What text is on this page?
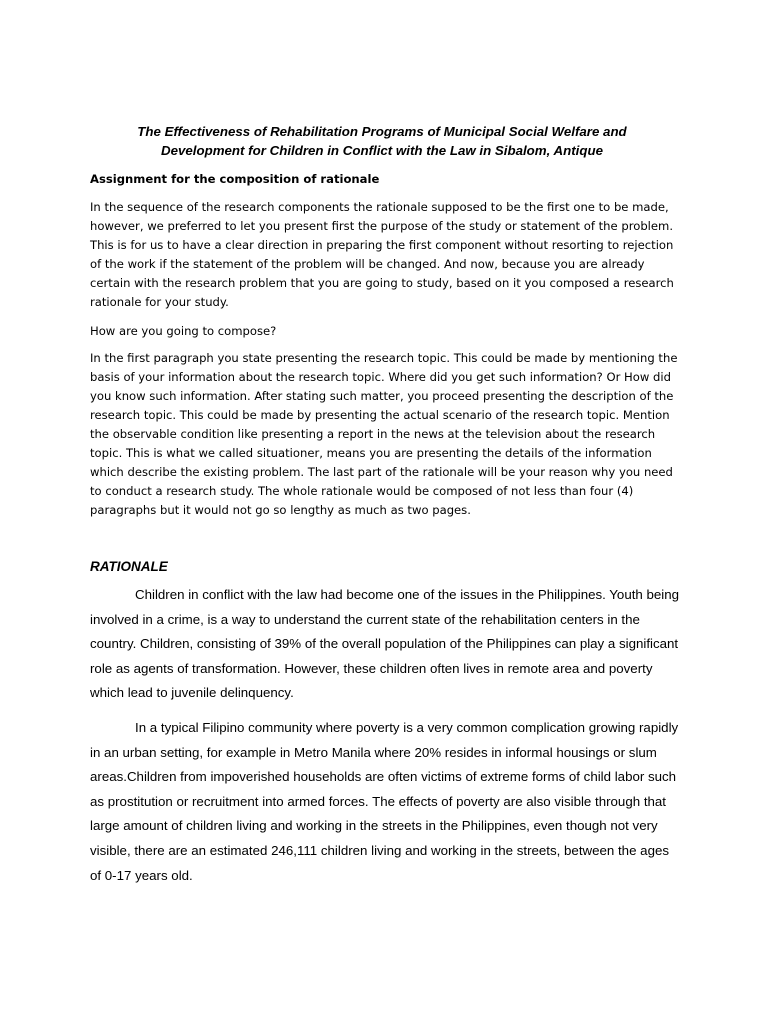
The Effectiveness of Rehabilitation Programs of Municipal Social Welfare and
Development for Children in Conflict with the Law in Sibalom, Antique
Assignment for the composition of rationale

In the sequence of the research components the rationale supposed to be the first one to be made, however, we preferred to let you present first the purpose of the study or statement of the problem. This is for us to have a clear direction in preparing the first component without resorting to rejection of the work if the statement of the problem will be changed. And now, because you are already certain with the research problem that you are going to study, based on it you composed a research rationale for your study.

How are you going to compose?

In the first paragraph you state presenting the research topic. This could be made by mentioning the basis of your information about the research topic. Where did you get such information? Or How did you know such information. After stating such matter, you proceed presenting the description of the research topic. This could be made by presenting the actual scenario of the research topic. Mention the observable condition like presenting a report in the news at the television about the research topic. This is what we called situationer, means you are presenting the details of the information which describe the existing problem. The last part of the rationale will be your reason why you need to conduct a research study. The whole rationale would be composed of not less than four (4) paragraphs but it would not go so lengthy as much as two pages.

RATIONALE

Children in conflict with the law had become one of the issues in the Philippines. Youth being involved in a crime, is a way to understand the current state of the rehabilitation centers in the country. Children, consisting of 39% of the overall population of the Philippines can play a significant role as agents of transformation. However, these children often lives in remote area and poverty which lead to juvenile delinquency.

In a typical Filipino community where poverty is a very common complication growing rapidly in an urban setting, for example in Metro Manila where 20% resides in informal housings or slum areas.Children from impoverished households are often victims of extreme forms of child labor such as prostitution or recruitment into armed forces. The effects of poverty are also visible through that large amount of children living and working in the streets in the Philippines, even though not very visible, there are an estimated 246,111 children living and working in the streets, between the ages of 0-17 years old.
